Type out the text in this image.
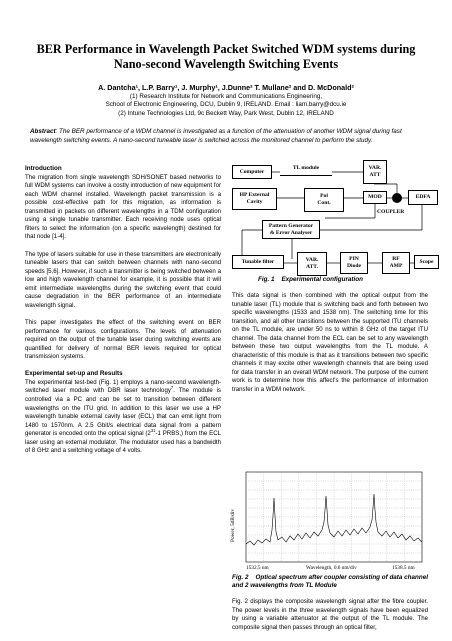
BER Performance in Wavelength Packet Switched WDM systems during Nano-second Wavelength Switching Events
A. Dantcha¹, L.P. Barry¹, J. Murphy¹, J.Dunne² T. Mullane² and D. McDonald²
(1) Research Institute for Network and Communications Engineering,
School of Electronic Engineering, DCU, Dublin 9, IRELAND. Email : liam.barry@dcu.ie
(2) Intune Technologies Ltd, 9c Beckett Way, Park West, Dublin 12, IRELAND
Abstract: The BER performance of a WDM channel is investigated as a function of the attenuation of another WDM signal during fast wavelength switching events. A nano-second tuneable laser is switched across the monitored channel to perform the study.
Introduction

The migration from single wavelength SDH/SONET based networks to full WDM systems can involve a costly introduction of new equipment for each WDM channel installed. Wavelength packet transmission is a possible cost-effective path for this migration, as information is transmitted in packets on different wavelengths in a TDM configuration using a single tunable transmitter. Each receiving node uses optical filters to select the information (on a specific wavelength) destined for that node [1-4].

The type of lasers suitable for use in these transmitters are electronically tuneable lasers that can switch between channels with nano-second speeds [5,6]. However, if such a transmitter is being switched between a low and high wavelength channel for example, it is possible that it will emit intermediate wavelengths during the switching event that could cause degradation in the BER performance of an intermediate wavelength signal.

This paper investigates the effect of the switching event on BER performance for various configurations. The levels of attenuation required on the output of the tunable laser during switching events are quantified for delivery of normal BER levels required for optical transmission systems.

Experimental set-up and Results

The experimental test-bed (Fig. 1) employs a nano-second wavelength-switched laser module with DBR laser technology$^7$. The module is controlled via a PC and can be set to transition between different wavelengths on the ITU grid. In addition to this laser we use a HP wavelength tunable external cavity laser (ECL) that can emit light from 1480 to 1570nm. A 2.5 Gbit/s electrical data signal from a pattern generator is encoded onto the optical signal ($2^{31}-1$ PRBS,) from the ECL laser using an external modulator. The modulator used has a bandwidth of 8 GHz and a switching voltage of 4 volts.

Computer
TL module	VAR.
ATT
HP External
Cavity
Pol
Cont.
MOD	EDFA
COUPLER
Pattern Generator
& Error Analyser
Tunable filter	VAR.
ATT.
PIN
Diode
RF
AMP
Scope
Fig. 1 Experimental configuration

This data signal is then combined with the optical output from the tunable laser (TL) module that is switching back and forth between two specific wavelengths (1533 and 1538 nm). The switching time for this transition, and all other transitions between the supported ITU channels on the TL module, are under 50 ns to within 8 GHz of the target ITU channel. The data channel from the ECL can be set to any wavelength between these two output wavelengths from the TL module. A characteristic of this module is that as it transitions between two specific channels it may excite other wavelength channels that are being used for data transfer in an overall WDM network. The purpose of the current work is to determine how this affect's the performance of information transfer in a WDM network.

Power, 5dB/div
1532.5 nm	Wavelength, 0.6 nm/div	1538.5 nm
Fig. 2 Optical spectrum after coupler consisting of data channel and 2 wavelengths from TL Module

Fig. 2 displays the composite wavelength signal after the fibre coupler. The power levels in the three wavelength signals have been equalized by using a variable attenuator at the output of the TL module. The composite signal then passes through an optical filter,
